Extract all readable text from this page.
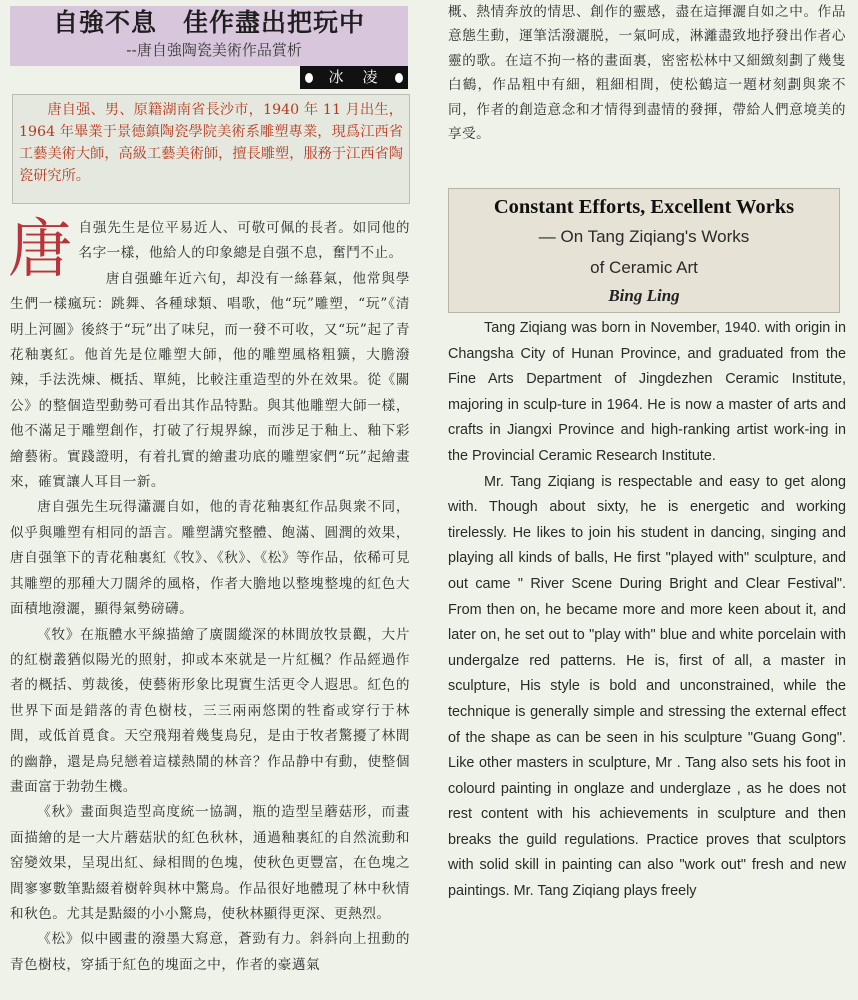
自強不息　佳作盡出把玩中
--唐自強陶瓷美術作品賞析
冰　凌

唐自强、男、原籍湖南省長沙市，1940 年 11 月出生，1964 年畢業于景德鎮陶瓷學院美術系雕塑專業，現爲江西省工藝美術大師，高級工藝美術師，擅長雕塑，服務于江西省陶瓷研究所。

唐 自强先生是位平易近人、可敬可佩的長者。如同他的名字一樣，他給人的印象總是自强不息，奮鬥不止。

唐自强雖年近六旬，却没有一絲暮氣，他常與學生們一樣瘋玩：跳舞、各種球類、唱歌，他“玩”雕塑，“玩”《清明上河圖》後終于“玩”出了味兒，而一發不可收，又“玩”起了青花釉裏紅。他首先是位雕塑大師，他的雕塑風格粗獷，大膽潑辣，手法洗煉、概括、單純，比較注重造型的外在效果。從《關公》的整個造型動勢可看出其作品特點。與其他雕塑大師一樣，他不滿足于雕塑創作，打破了行規界線，而涉足于釉上、釉下彩繪藝術。實踐證明，有着扎實的繪畫功底的雕塑家們“玩”起繪畫來，確實讓人耳目一新。

唐自强先生玩得瀟灑自如，他的青花釉裏紅作品與衆不同，似乎與雕塑有相同的語言。雕塑講究整體、飽滿、圓潤的效果，唐自强筆下的青花釉裏紅《牧》、《秋》、《松》等作品，依稀可見其雕塑的那種大刀闊斧的風格，作者大膽地以整塊整塊的紅色大面積地潑灑，顯得氣勢磅礴。

《牧》在瓶體水平線描繪了廣闊縱深的林間放牧景觀，大片的紅樹叢猶似陽光的照射，抑或本來就是一片紅楓？作品經過作者的概括、剪裁後，使藝術形象比現實生活更令人遐思。紅色的世界下面是錯落的青色樹枝，三三兩兩悠閑的牲畜或穿行于林間，或低首覓食。天空飛翔着幾隻鳥兒，是由于牧者驚擾了林間的幽静，還是鳥兒戀着這樣熱鬧的林音？作品静中有動，使整個畫面富于勃勃生機。

《秋》畫面與造型高度統一協調，瓶的造型呈蘑菇形，而畫面描繪的是一大片蘑菇狀的紅色秋林，通過釉裏紅的自然流動和窑變效果，呈現出紅、緑相間的色塊，使秋色更豐富，在色塊之間寥寥數筆點綴着樹幹與林中驚鳥。作品很好地體現了林中秋情和秋色。尤其是點綴的小小驚鳥，使秋林顯得更深、更熱烈。

《松》似中國畫的潑墨大寫意，蒼勁有力。斜斜向上扭動的青色樹枝，穿插于紅色的塊面之中，作者的豪邁氣

概、熱情奔放的情思、創作的靈感，盡在這揮灑自如之中。作品意態生動，運筆活潑灑脱，一氣呵成，淋灕盡致地抒發出作者心靈的歌。在這不拘一格的畫面裏，密密松林中又細緻刻劃了幾隻白鶴，作品粗中有細，粗細相間，使松鶴這一題材刻劃與衆不同，作者的創造意念和才情得到盡情的發揮，帶給人們意境美的享受。

Constant Efforts, Excellent Works
— On Tang Ziqiang's Works
of Ceramic Art
Bing Ling

Tang Ziqiang was born in November, 1940. with origin in Changsha City of Hunan Province, and graduated from the Fine Arts Department of Jingdezhen Ceramic Institute, majoring in sculp-ture in 1964. He is now a master of arts and crafts in Jiangxi Province and high-ranking artist work-ing in the Provincial Ceramic Research Institute.

Mr. Tang Ziqiang is respectable and easy to get along with. Though about sixty, he is energetic and working tirelessly. He likes to join his student in dancing, singing and playing all kinds of balls, He first "played with" sculpture, and out came " River Scene During Bright and Clear Festival". From then on, he became more and more keen about it, and later on, he set out to "play with" blue and white porcelain with undergalze red patterns. He is, first of all, a master in sculpture, His style is bold and unconstrained, while the technique is generally simple and stressing the external effect of the shape as can be seen in his sculpture "Guang Gong". Like other masters in sculpture, Mr . Tang also sets his foot in colourd painting in onglaze and underglaze , as he does not rest content with his achievements in sculpture and then breaks the guild regulations. Practice proves that sculptors with solid skill in painting can also "work out" fresh and new paintings. Mr. Tang Ziqiang plays freely
